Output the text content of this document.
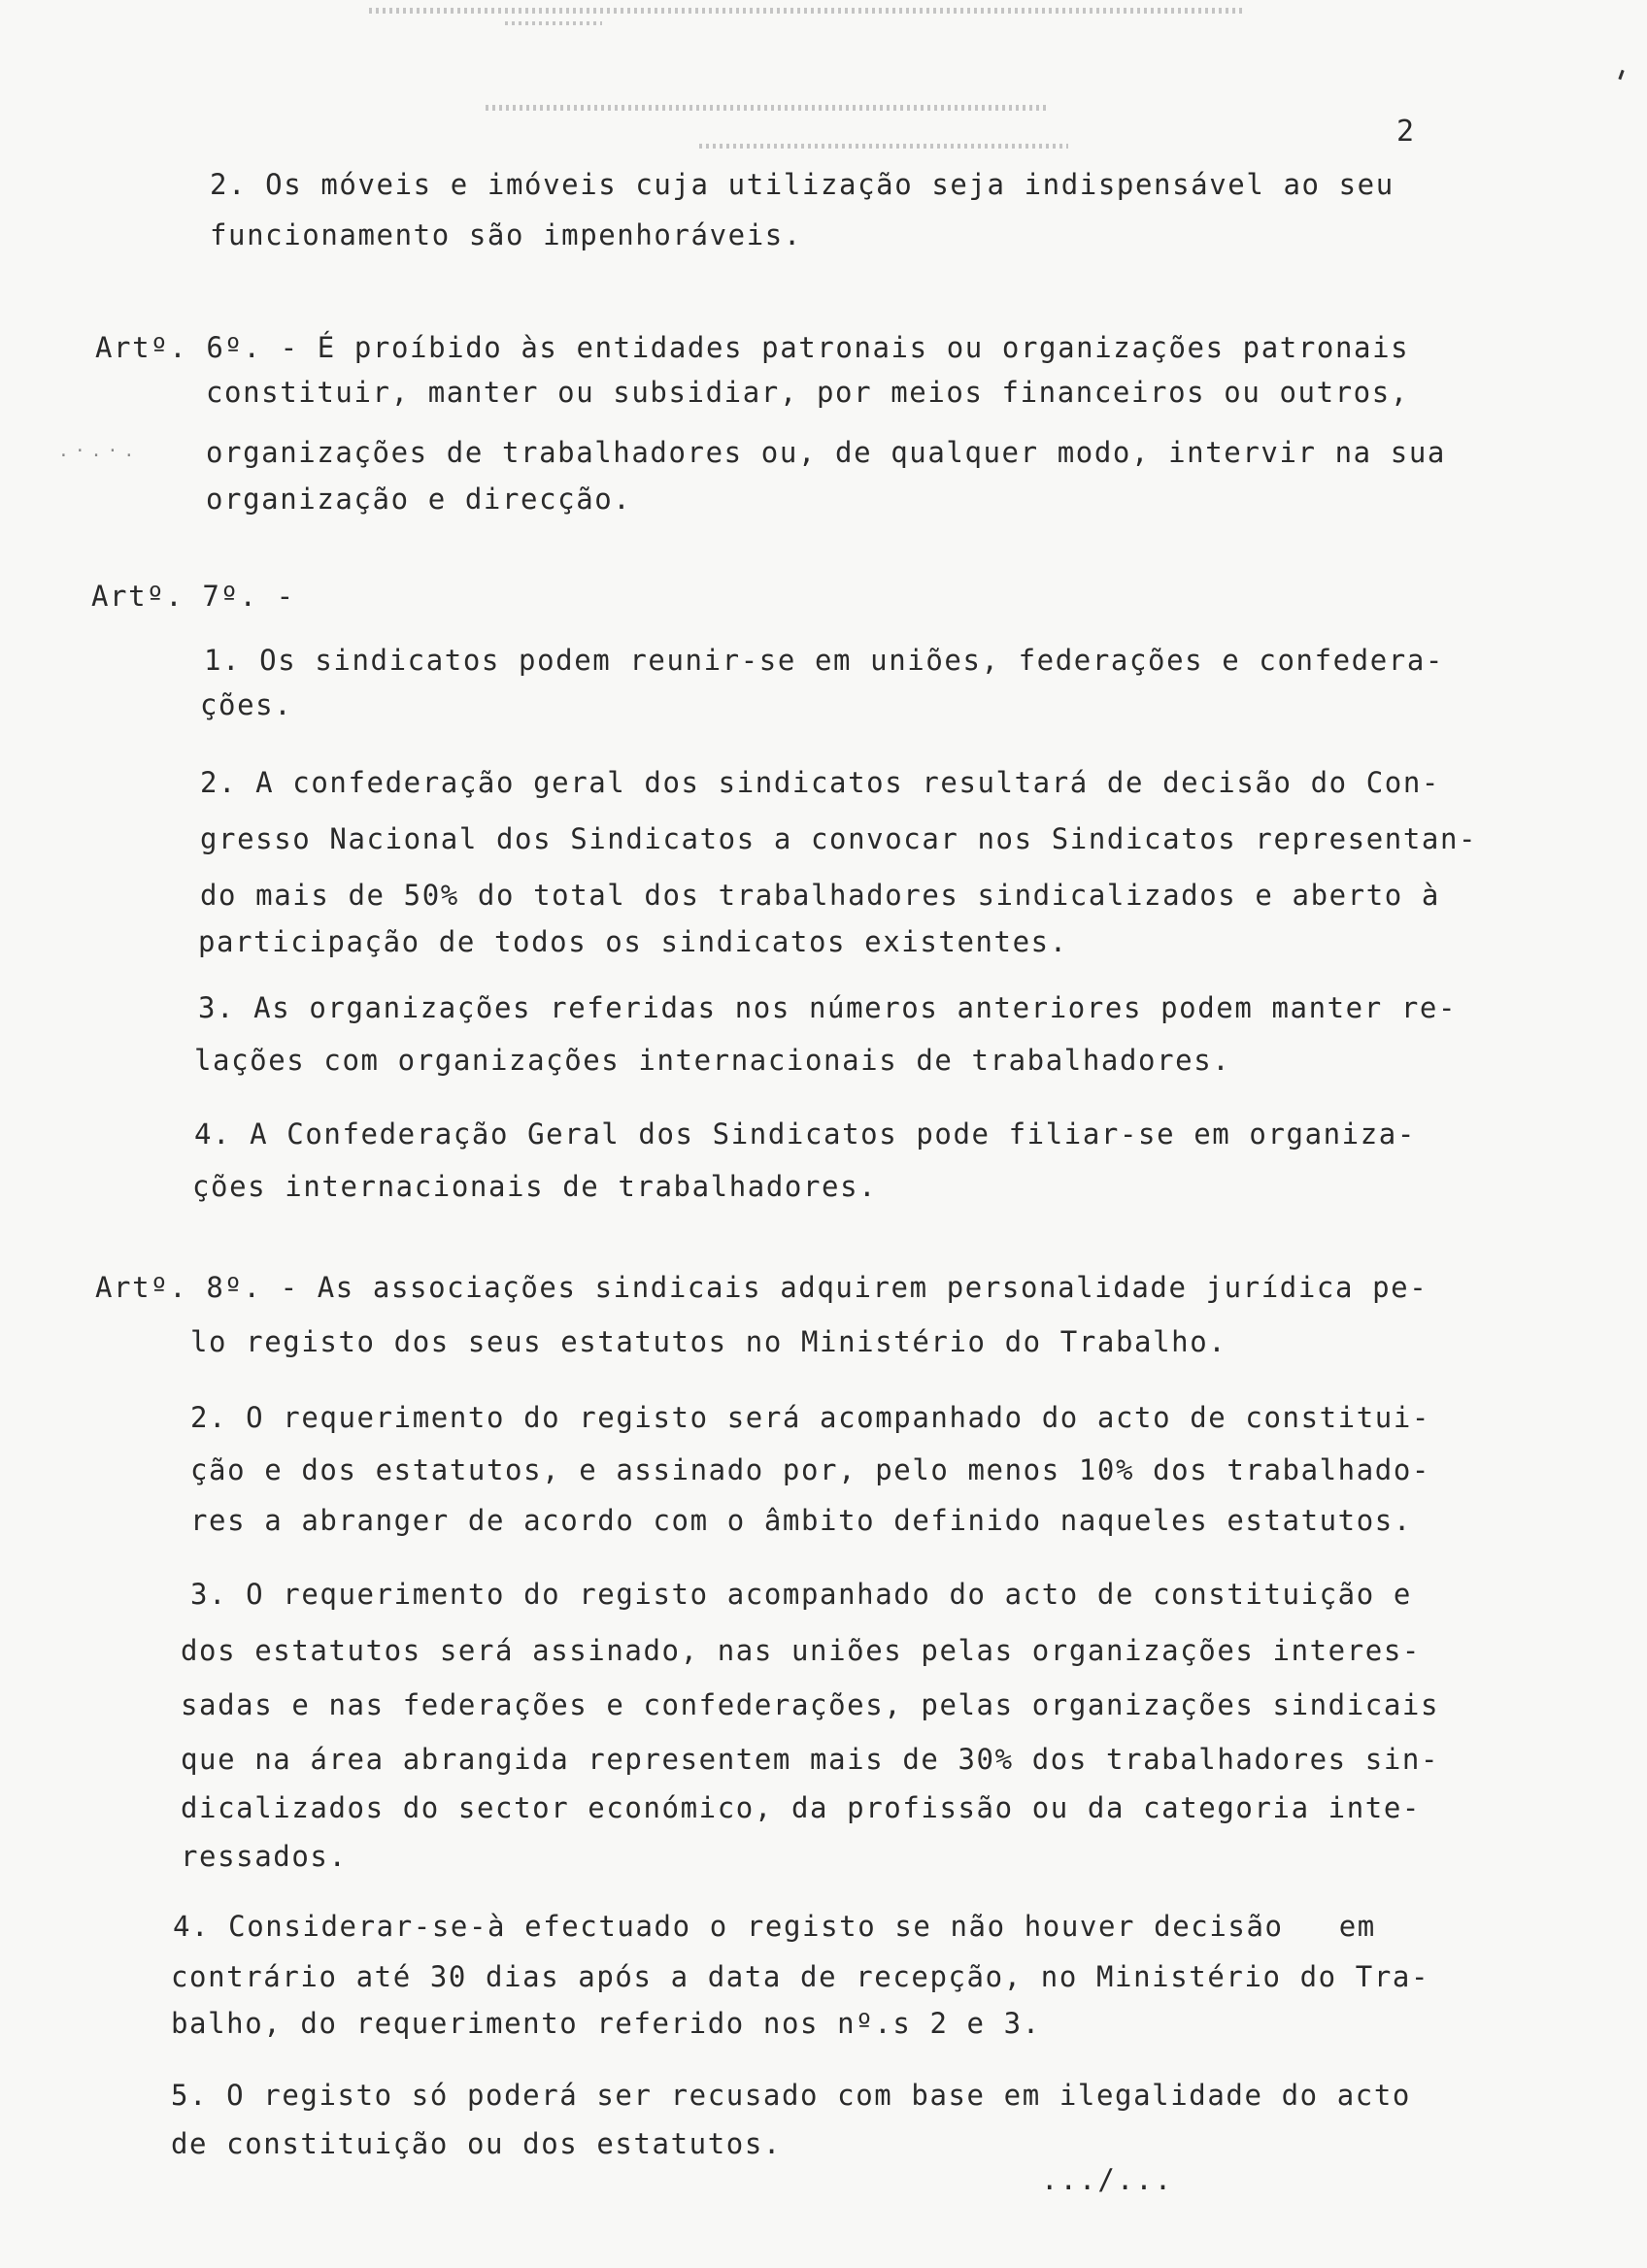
2
2. Os móveis e imóveis cuja utilização seja indispensável ao seu
funcionamento são impenhoráveis.
Artº. 6º. - É proíbido às entidades patronais ou organizações patronais
constituir, manter ou subsidiar, por meios financeiros ou outros,
organizações de trabalhadores ou, de qualquer modo, intervir na sua
organização e direcção.
.·.·.
Artº. 7º. -
1. Os sindicatos podem reunir-se em uniões, federações e confedera-
ções.
2. A confederação geral dos sindicatos resultará de decisão do Con-
gresso Nacional dos Sindicatos a convocar nos Sindicatos representan-
do mais de 50% do total dos trabalhadores sindicalizados e aberto à
participação de todos os sindicatos existentes.
3. As organizações referidas nos números anteriores podem manter re-
lações com organizações internacionais de trabalhadores.
4. A Confederação Geral dos Sindicatos pode filiar-se em organiza-
ções internacionais de trabalhadores.
Artº. 8º. - As associações sindicais adquirem personalidade jurídica pe-
lo registo dos seus estatutos no Ministério do Trabalho.
2. O requerimento do registo será acompanhado do acto de constitui-
ção e dos estatutos, e assinado por, pelo menos 10% dos trabalhado-
res a abranger de acordo com o âmbito definido naqueles estatutos.
3. O requerimento do registo acompanhado do acto de constituição e
dos estatutos será assinado, nas uniões pelas organizações interes-
sadas e nas federações e confederações, pelas organizações sindicais
que na área abrangida representem mais de 30% dos trabalhadores sin-
dicalizados do sector económico, da profissão ou da categoria inte-
ressados.
4. Considerar-se-à efectuado o registo se não houver decisão   em
contrário até 30 dias após a data de recepção, no Ministério do Tra-
balho, do requerimento referido nos nº.s 2 e 3.
5. O registo só poderá ser recusado com base em ilegalidade do acto
de constituição ou dos estatutos.
.../...
